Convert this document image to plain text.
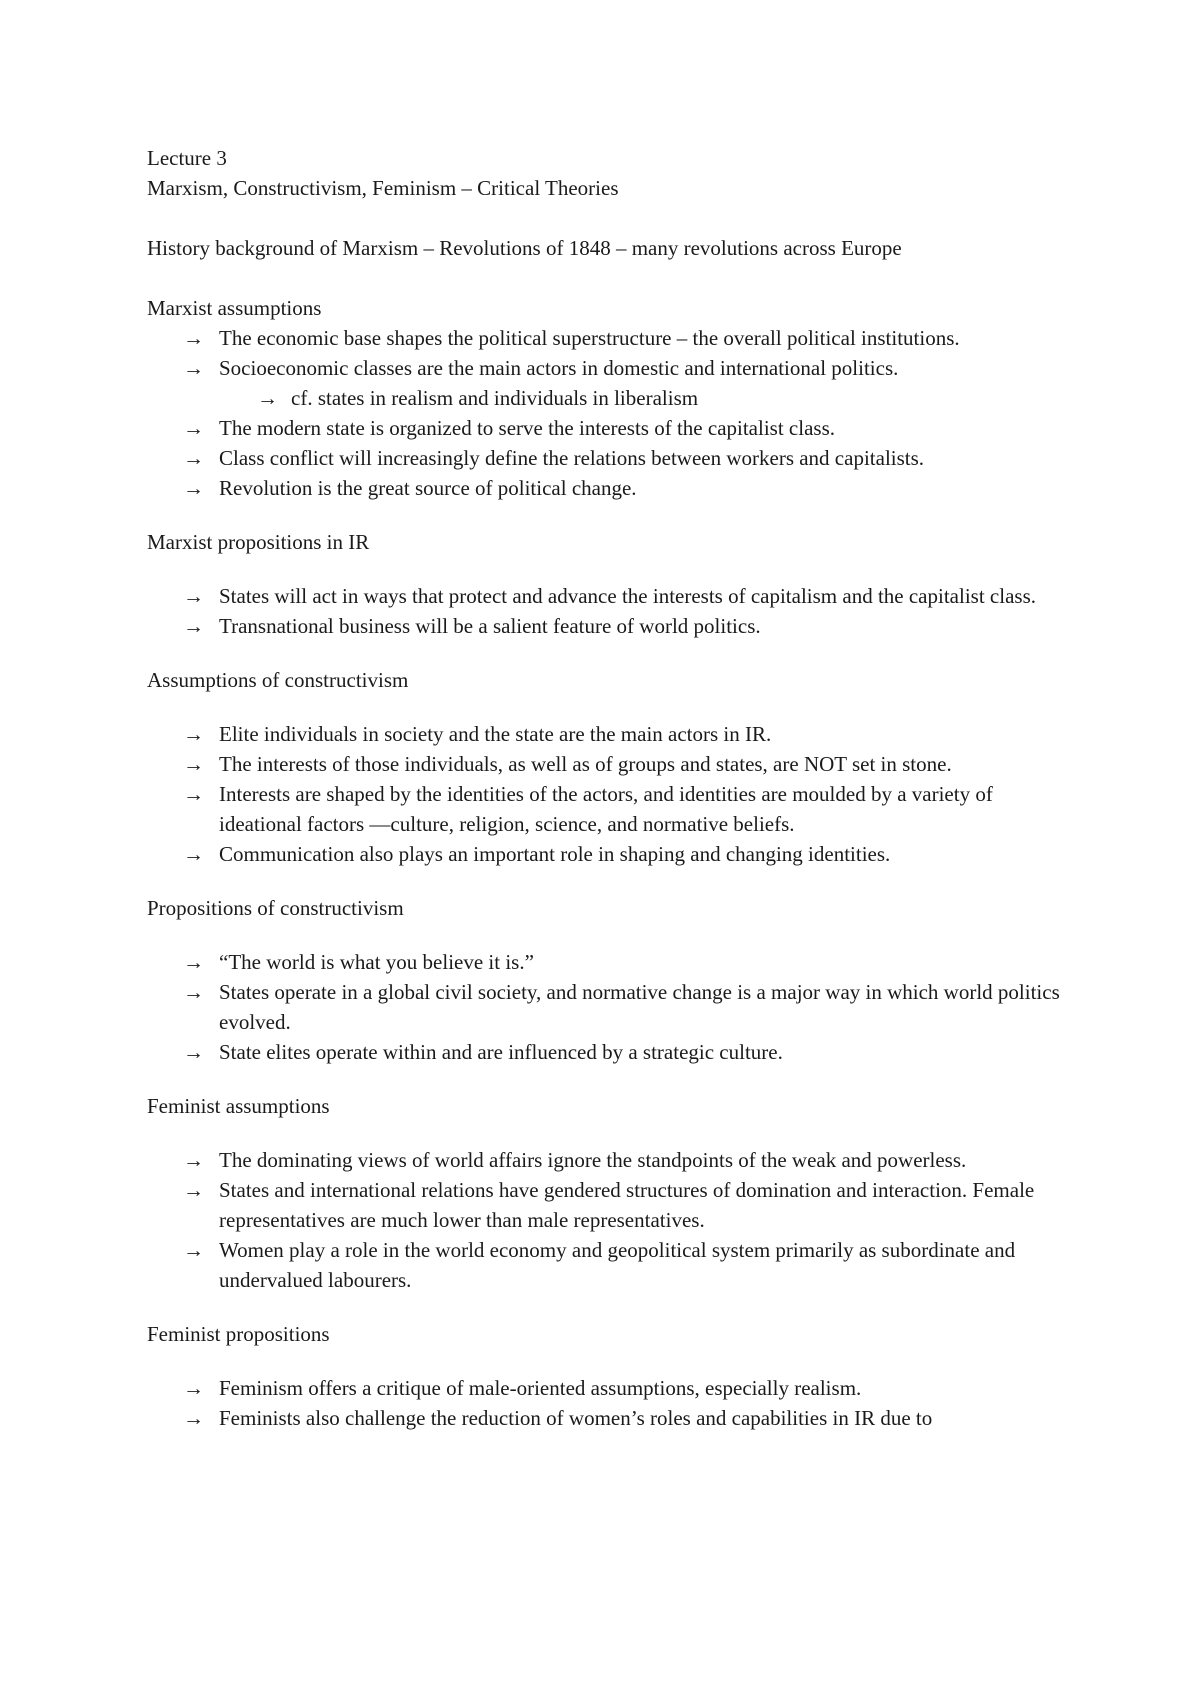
Lecture 3
Marxism, Constructivism, Feminism – Critical Theories
History background of Marxism – Revolutions of 1848 – many revolutions across Europe
Marxist assumptions
→ The economic base shapes the political superstructure – the overall political institutions.
→ Socioeconomic classes are the main actors in domestic and international politics.
→ cf. states in realism and individuals in liberalism
→ The modern state is organized to serve the interests of the capitalist class.
→ Class conflict will increasingly define the relations between workers and capitalists.
→ Revolution is the great source of political change.
Marxist propositions in IR
→ States will act in ways that protect and advance the interests of capitalism and the capitalist class.
→ Transnational business will be a salient feature of world politics.
Assumptions of constructivism
→ Elite individuals in society and the state are the main actors in IR.
→ The interests of those individuals, as well as of groups and states, are NOT set in stone.
→ Interests are shaped by the identities of the actors, and identities are moulded by a variety of ideational factors —culture, religion, science, and normative beliefs.
→ Communication also plays an important role in shaping and changing identities.
Propositions of constructivism
→ “The world is what you believe it is.”
→ States operate in a global civil society, and normative change is a major way in which world politics evolved.
→ State elites operate within and are influenced by a strategic culture.
Feminist assumptions
→ The dominating views of world affairs ignore the standpoints of the weak and powerless.
→ States and international relations have gendered structures of domination and interaction. Female representatives are much lower than male representatives.
→ Women play a role in the world economy and geopolitical system primarily as subordinate and undervalued labourers.
Feminist propositions
→ Feminism offers a critique of male-oriented assumptions, especially realism.
→ Feminists also challenge the reduction of women’s roles and capabilities in IR due to
